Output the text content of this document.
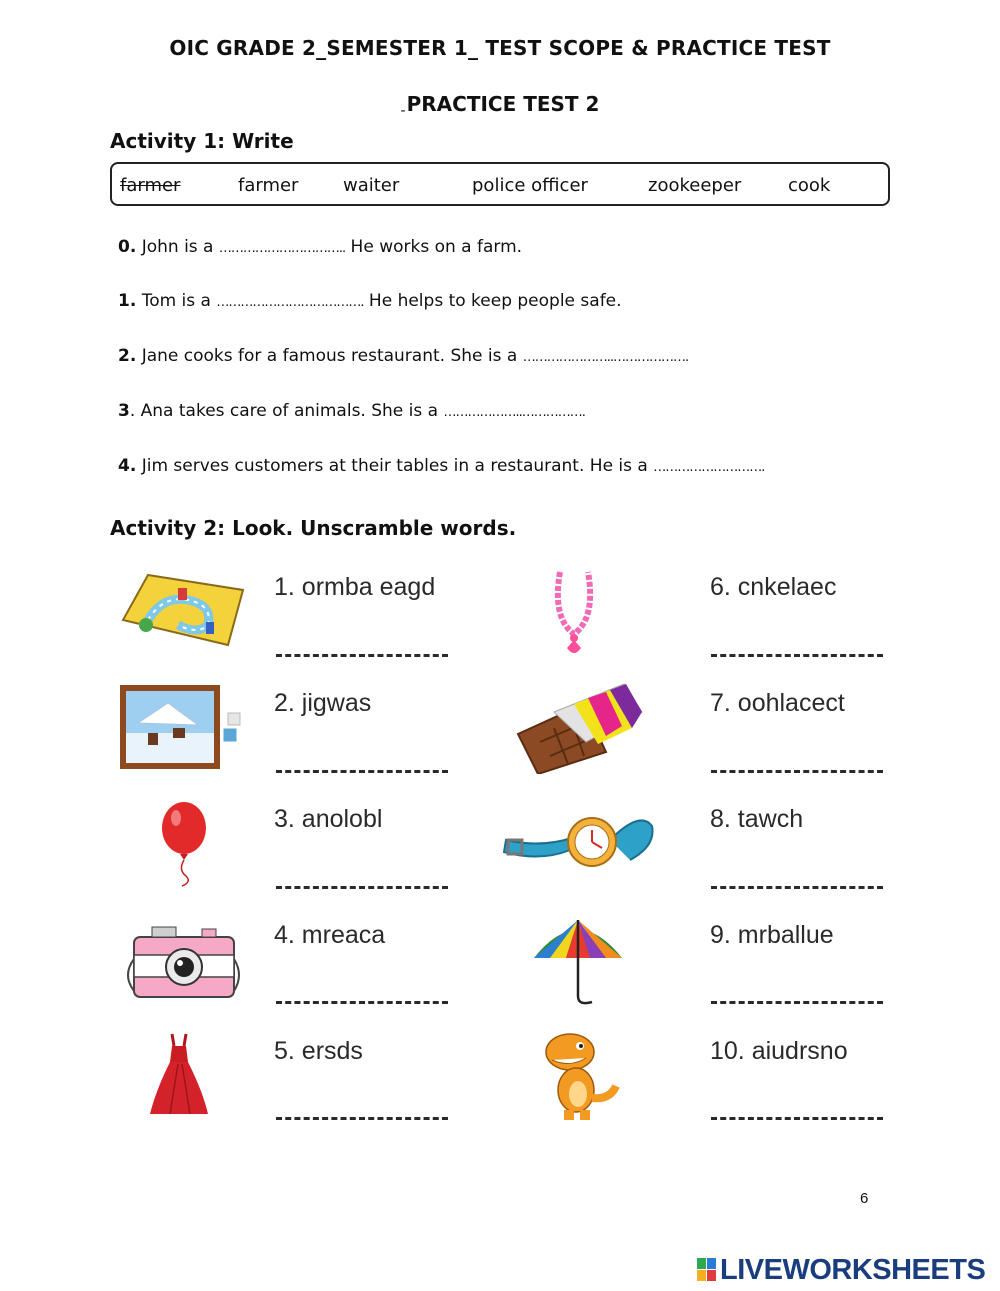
OIC GRADE 2_SEMESTER 1_ TEST SCOPE & PRACTICE TEST
$_-$PRACTICE TEST 2
Activity 1: Write
farmer	farmer waiter	police officer	zookeeper	cook
0. John is a ………………………….. He works on a farm.
1. Tom is a ………………………………. He helps to keep people safe.
2. Jane cooks for a famous restaurant. She is a …………………..……………….
3. Ana takes care of animals. She is a ………………..…………….
4. Jim serves customers at their tables in a restaurant. He is a ……………………….
Activity 2: Look. Unscramble words.
1. ormba eagd
2. jigwas
3. anolobl
4. mreaca
5. ersds
6. cnkelaec
7. oohlacect
8. tawch
9. mrballue
10. aiudrsno
6
LIVEWORKSHEETS
